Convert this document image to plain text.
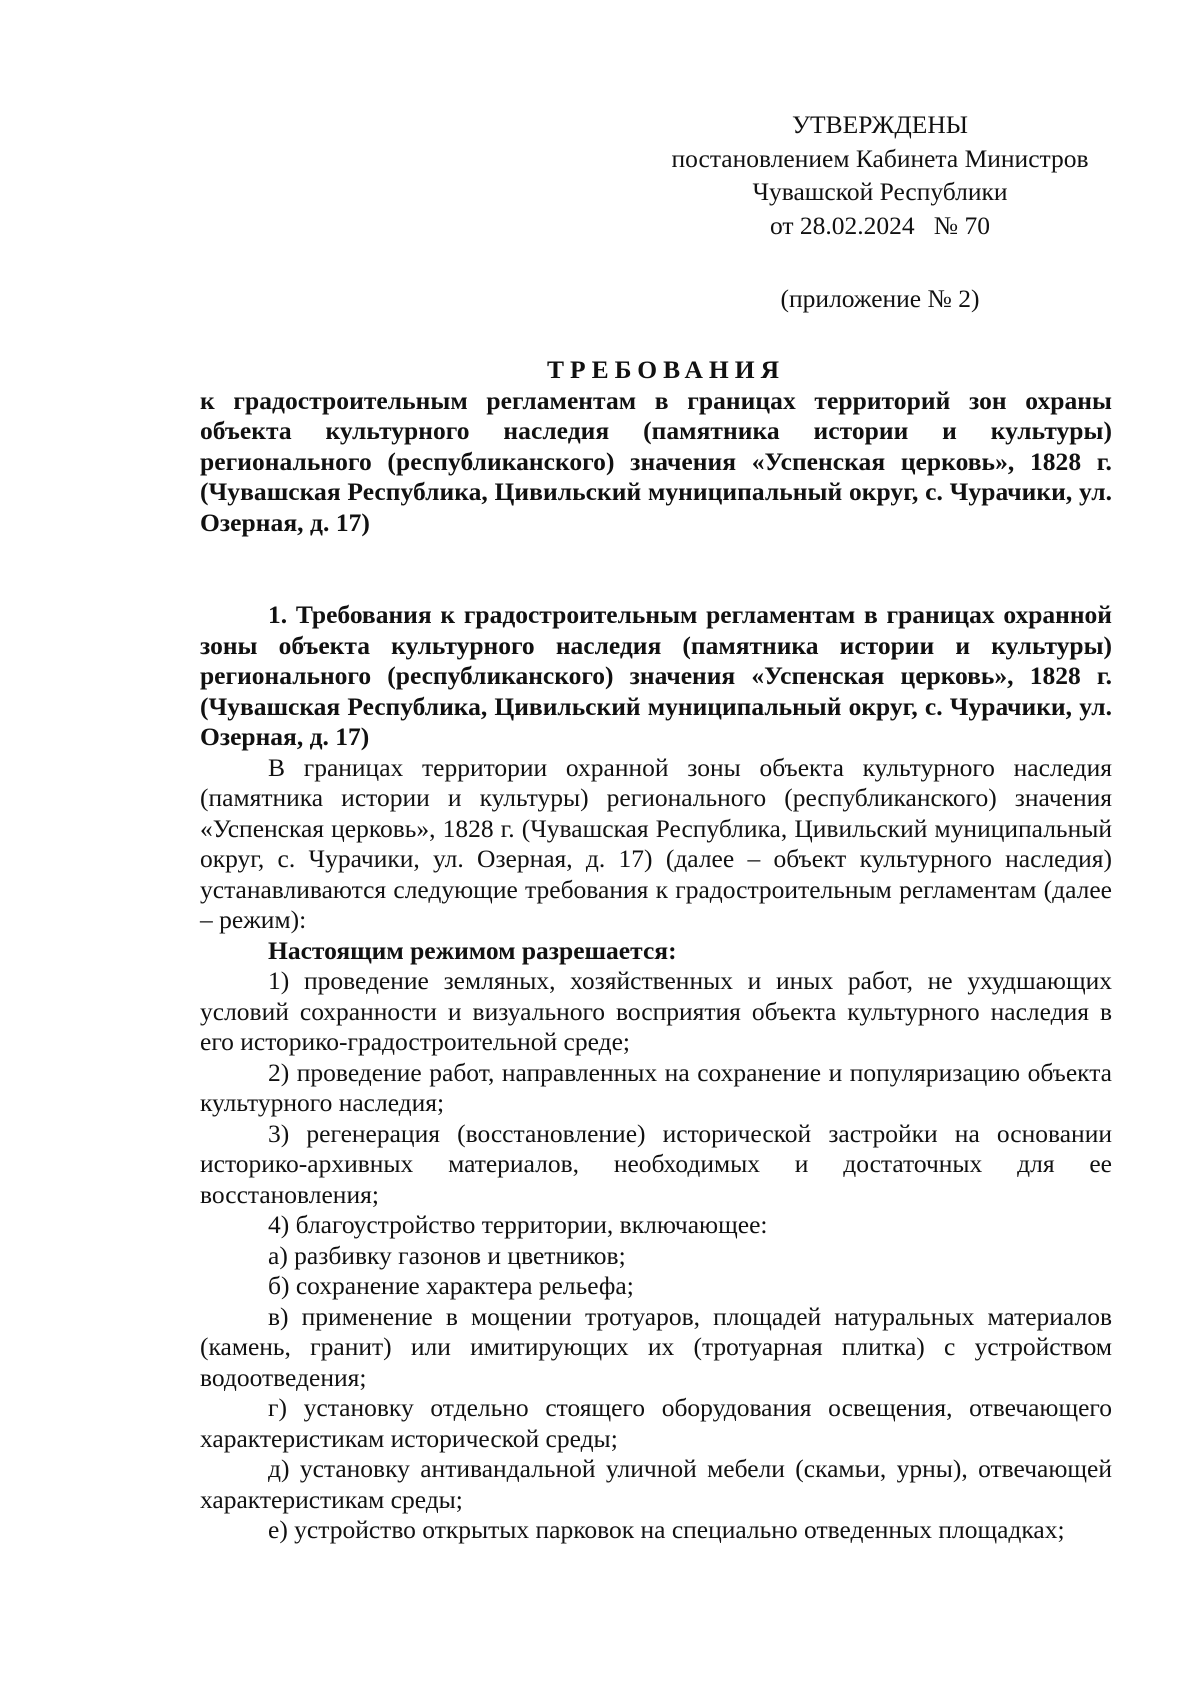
УТВЕРЖДЕНЫ
постановлением Кабинета Министров
Чувашской Республики
от 28.02.2024   № 70
(приложение № 2)

ТРЕБОВАНИЯ

к градостроительным регламентам в границах территорий зон охраны объекта культурного наследия (памятника истории и культуры) регионального (республиканского) значения «Успенская церковь», 1828 г. (Чувашская Республика, Цивильский муниципальный округ, с. Чурачики, ул. Озерная, д. 17)

1. Требования к градостроительным регламентам в границах охранной зоны объекта культурного наследия (памятника истории и культуры) регионального (республиканского) значения «Успенская церковь», 1828 г. (Чувашская Республика, Цивильский муниципальный округ, с. Чурачики, ул. Озерная, д. 17)

В границах территории охранной зоны объекта культурного наследия (памятника истории и культуры) регионального (республиканского) значения «Успенская церковь», 1828 г. (Чувашская Республика, Цивильский муниципальный округ, с. Чурачики, ул. Озерная, д. 17) (далее – объект культурного наследия) устанавливаются следующие требования к градостроительным регламентам (далее – режим):

Настоящим режимом разрешается:

1) проведение земляных, хозяйственных и иных работ, не ухудшающих условий сохранности и визуального восприятия объекта культурного наследия в его историко-градостроительной среде;

2) проведение работ, направленных на сохранение и популяризацию объекта культурного наследия;

3) регенерация (восстановление) исторической застройки на основании историко-архивных материалов, необходимых и достаточных для ее восстановления;

4) благоустройство территории, включающее:

а) разбивку газонов и цветников;

б) сохранение характера рельефа;

в) применение в мощении тротуаров, площадей натуральных материалов (камень, гранит) или имитирующих их (тротуарная плитка) с устройством водоотведения;

г) установку отдельно стоящего оборудования освещения, отвечающего характеристикам исторической среды;

д) установку антивандальной уличной мебели (скамьи, урны), отвечающей характеристикам среды;

е) устройство открытых парковок на специально отведенных площадках;
